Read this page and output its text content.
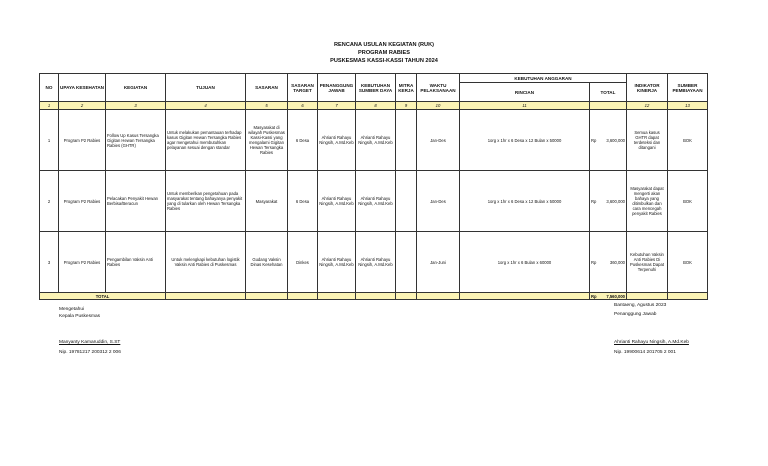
RENCANA USULAN KEGIATAN (RUK)
PROGRAM RABIES
PUSKESMAS KASSI-KASSI TAHUN 2024
NO	UPAYA KESEHATAN	KEGIATAN	TUJUAN	SASARAN	SASARAN TARGET	PENANGGUNG JAWAB	KEBUTUHAN SUMBER DAYA	MITRA KERJA	WAKTU PELAKSANAAN	KEBUTUHAN ANGGARAN		INDIKATOR KINERJA	SUMBER PEMBIAYAAN
										RINCIAN	TOTAL		
1	2	3	4	5	6	7	8	9	10	11		12	13
1	Program P2 Rabies	Follow Up Kasus Tersangka Gigitan Hewan Tersangka Rabies (GHTR)	Untuk melakukan pemantauan terhadap kasus Gigitan Hewan Tersangka Rabies agar mengetahui membutuhkan pelayanan sesuai dengan standar	Masyarakat di wilayah Puskesmas Kassi-Kassi yang mengalami Gigitan Hewan Tersangka Rabies	6 Desa	Ahrianti Rahayu Ningsih, A.Md.Keb	Ahrianti Rahayu Ningsih, A.Md.Keb		Jan-Des	1org x 1hr x 6 Desa x 12 Bulan x 50000	Rp 3,600,000	Semua kasus GHTR dapat terdeteksi dan ditangani	BOK
2	Program P2 Rabies	Pelacakan Penyakit Hewan Berbisa/Beracun	Untuk memberikan pengetahuan pada masyarakat tentang bahayanya penyakit yang di tularkan oleh Hewan Tersangka Rabies	Masyarakat	6 Desa	Ahrianti Rahayu Ningsih, A.Md.Keb	Ahrianti Rahayu Ningsih, A.Md.Keb		Jan-Des	1org x 1hr x 6 Desa x 12 Bulan x 50000	Rp 3,600,000	Masyarakat dapat mengerti akan bahaya yang ditimbulkan dan cara mencegah penyakit Rabies	BOK
3	Program P2 Rabies	Pengambilan Vaksin Anti Rabies	Untuk melengkapi kebutuhan logistik Vaksin Anti Rabies di Puskesmas	Gudang Vaksin Dinas Kesehatan	Dinkes	Ahrianti Rahayu Ningsih, A.Md.Keb	Ahrianti Rahayu Ningsih, A.Md.Keb		Jan-Juni	1org x 1hr x 6 Bulan x 60000	Rp 360,000	Kebutuhan Vaksin Anti Rabies Di Puskesmas Dapat Terpenuhi	BOK
TOTAL											Rp 7,560,000		

Mengetahui
Kepala Puskesmas
Manyanty Kamaruddin, S.ST
Nip. 19781217 200312 2 006
Bantaeng, Agustus 2023
Penanggung Jawab
Ahrianti Rahayu Ningsih, A.Md.Keb
Nip. 19900614 201705 2 001
